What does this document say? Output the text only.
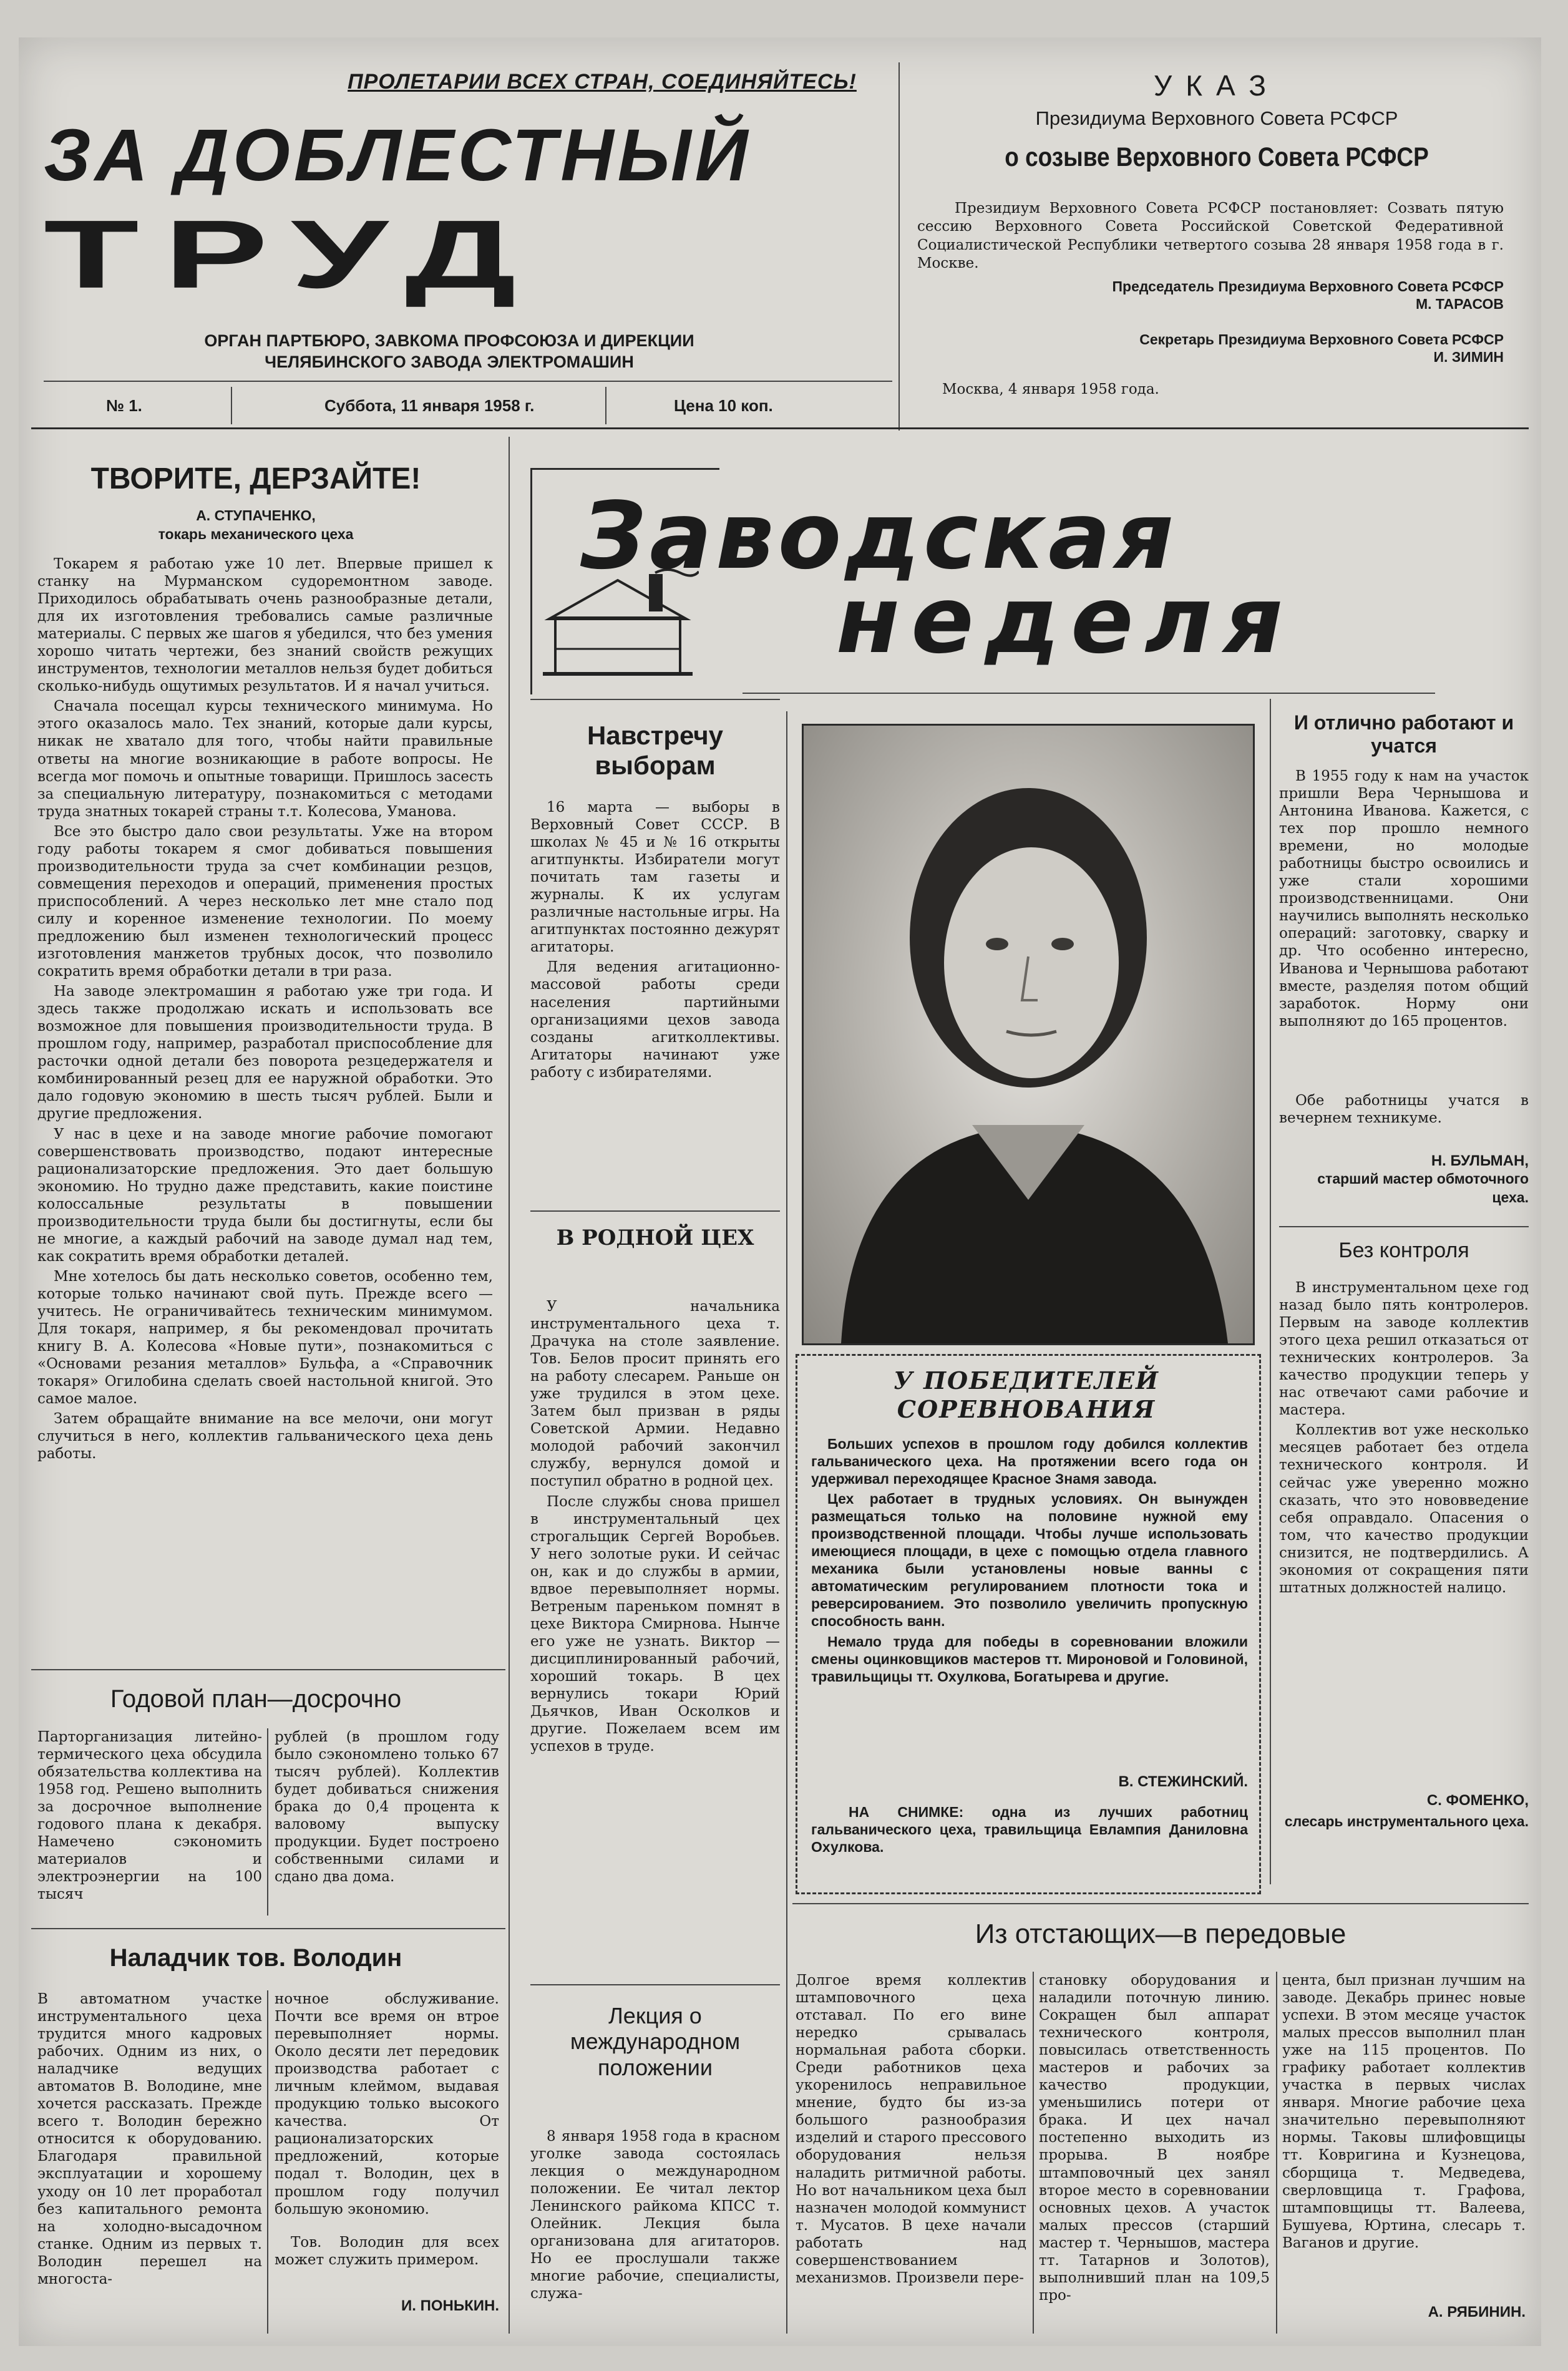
ПРОЛЕТАРИИ ВСЕХ СТРАН, СОЕДИНЯЙТЕСЬ!
ЗА ДОБЛЕСТНЫЙ
ТРУД
ОРГАН ПАРТБЮРО, ЗАВКОМА ПРОФСОЮЗА И ДИРЕКЦИИ ЧЕЛЯБИНСКОГО ЗАВОДА ЭЛЕКТРОМАШИН
№ 1.	Суббота, 11 января 1958 г.	Цена 10 коп.
УКАЗ
Президиума Верховного Совета РСФСР
о созыве Верховного Совета РСФСР
Президиум Верховного Совета РСФСР постановляет: Созвать пятую сессию Верховного Совета Российской Советской Федеративной Социалистической Республики четвертого созыва 28 января 1958 года в г. Москве.
Председатель Президиума Верховного Совета РСФСР
М. ТАРАСОВ
Секретарь Президиума Верховного Совета РСФСР
И. ЗИМИН
Москва, 4 января 1958 года.
ТВОРИТЕ, ДЕРЗАЙТЕ!
А. СТУПАЧЕНКО,
токарь механического цеха

Токарем я работаю уже 10 лет. Впервые пришел к станку на Мурманском судоремонтном заводе. Приходилось обрабатывать очень разнообразные детали, для их изготовления требовались самые различные материалы. С первых же шагов я убедился, что без умения хорошо читать чертежи, без знаний свойств режущих инструментов, технологии металлов нельзя будет добиться сколько-нибудь ощутимых результатов. И я начал учиться.

Сначала посещал курсы технического минимума. Но этого оказалось мало. Тех знаний, которые дали курсы, никак не хватало для того, чтобы найти правильные ответы на многие возникающие в работе вопросы. Не всегда мог помочь и опытные товарищи. Пришлось засесть за специальную литературу, познакомиться с методами труда знатных токарей страны т.т. Колесова, Уманова.

Все это быстро дало свои результаты. Уже на втором году работы токарем я смог добиваться повышения производительности труда за счет комбинации резцов, совмещения переходов и операций, применения простых приспособлений. А через несколько лет мне стало под силу и коренное изменение технологии. По моему предложению был изменен технологический процесс изготовления манжетов трубных досок, что позволило сократить время обработки детали в три раза.

На заводе электромашин я работаю уже три года. И здесь также продолжаю искать и использовать все возможное для повышения производительности труда. В прошлом году, например, разработал приспособление для расточки одной детали без поворота резцедержателя и комбинированный резец для ее наружной обработки. Это дало годовую экономию в шесть тысяч рублей. Были и другие предложения.

У нас в цехе и на заводе многие рабочие помогают совершенствовать производство, подают интересные рационализаторские предложения. Это дает большую экономию. Но трудно даже представить, какие поистине колоссальные результаты в повышении производительности труда были бы достигнуты, если бы не многие, а каждый рабочий на заводе думал над тем, как сократить время обработки деталей.

Мне хотелось бы дать несколько советов, особенно тем, которые только начинают свой путь. Прежде всего — учитесь. Не ограничивайтесь техническим минимумом. Для токаря, например, я бы рекомендовал прочитать книгу В. А. Колесова «Новые пути», познакомиться с «Основами резания металлов» Бульфа, а «Справочник токаря» Огилобина сделать своей настольной книгой. Это самое малое.

Затем обращайте внимание на все мелочи, они могут случиться в него, коллектив гальванического цеха день работы.

Годовой план—досрочно
Парторганизация литейно-термического цеха обсудила обязательства коллектива на 1958 год. Решено выполнить за досрочное выполнение годового плана к декабря. Намечено сэкономить материалов и электроэнергии на 100 тысяч
рублей (в прошлом году было сэкономлено только 67 тысяч рублей). Коллектив будет добиваться снижения брака до 0,4 процента к валовому выпуску продукции. Будет построено собственными силами и сдано два дома.
Наладчик тов. Володин
В автоматном участке инструментального цеха трудится много кадровых рабочих. Одним из них, о наладчике ведущих автоматов В. Володине, мне хочется рассказать. Прежде всего т. Володин бережно относится к оборудованию. Благодаря правильной эксплуатации и хорошему уходу он 10 лет проработал без капитального ремонта на холодно-высадочном станке. Одним из первых т. Володин перешел на многоста-
ночное обслуживание. Почти все время он втрое перевыполняет нормы. Около десяти лет передовик производства работает с личным клеймом, выдавая продукцию только высокого качества. От рационализаторских предложений, которые подал т. Володин, цех в прошлом году получил большую экономию.
Тов. Володин для всех может служить примером.
И. ПОНЬКИН.
Заводская
неделя
Навстречу выборам

16 марта — выборы в Верховный Совет СССР. В школах № 45 и № 16 открыты агитпункты. Избиратели могут почитать там газеты и журналы. К их услугам различные настольные игры. На агитпунктах постоянно дежурят агитаторы.

Для ведения агитационно-массовой работы среди населения партийными организациями цехов завода созданы агитколлективы. Агитаторы начинают уже работу с избирателями.

В РОДНОЙ ЦЕХ

У начальника инструментального цеха т. Драчука на столе заявление. Тов. Белов просит принять его на работу слесарем. Раньше он уже трудился в этом цехе. Затем был призван в ряды Советской Армии. Недавно молодой рабочий закончил службу, вернулся домой и поступил обратно в родной цех.

После службы снова пришел в инструментальный цех строгальщик Сергей Воробьев. У него золотые руки. И сейчас он, как и до службы в армии, вдвое перевыполняет нормы. Ветреным пареньком помнят в цехе Виктора Смирнова. Нынче его уже не узнать. Виктор — дисциплинированный рабочий, хороший токарь. В цех вернулись токари Юрий Дьячков, Иван Осколков и другие. Пожелаем всем им успехов в труде.

Лекция о международном положении
8 января 1958 года в красном уголке завода состоялась лекция о международном положении. Ее читал лектор Ленинского райкома КПСС т. Олейник. Лекция была организована для агитаторов. Но ее прослушали также многие рабочие, специалисты, служа-
У ПОБЕДИТЕЛЕЙ СОРЕВНОВАНИЯ

Больших успехов в прошлом году добился коллектив гальванического цеха. На протяжении всего года он удерживал переходящее Красное Знамя завода.

Цех работает в трудных условиях. Он вынужден размещаться только на половине нужной ему производственной площади. Чтобы лучше использовать имеющиеся площади, в цехе с помощью отдела главного механика были установлены новые ванны с автоматическим регулированием плотности тока и реверсированием. Это позволило увеличить пропускную способность ванн.

Немало труда для победы в соревновании вложили смены оцинковщиков мастеров тт. Мироновой и Головиной, травильщицы тт. Охулкова, Богатырева и другие.

В. СТЕЖИНСКИЙ.
НА СНИМКЕ: одна из лучших работниц гальванического цеха, травильщица Евлампия Даниловна Охулкова.
И отлично работают и учатся
В 1955 году к нам на участок пришли Вера Чернышова и Антонина Иванова. Кажется, с тех пор прошло немного времени, но молодые работницы быстро освоились и уже стали хорошими производственницами. Они научились выполнять несколько операций: заготовку, сварку и др. Что особенно интересно, Иванова и Чернышова работают вместе, разделяя потом общий заработок. Норму они выполняют до 165 процентов.
Обе работницы учатся в вечернем техникуме.
Н. БУЛЬМАН,
старший мастер обмоточного цеха.
Без контроля

В инструментальном цехе год назад было пять контролеров. Первым на заводе коллектив этого цеха решил отказаться от технических контролеров. За качество продукции теперь у нас отвечают сами рабочие и мастера.

Коллектив вот уже несколько месяцев работает без отдела технического контроля. И сейчас уже уверенно можно сказать, что это нововведение себя оправдало. Опасения о том, что качество продукции снизится, не подтвердились. А экономия от сокращения пяти штатных должностей налицо.

С. ФОМЕНКО,
слесарь инструментального цеха.
Из отстающих—в передовые
Долгое время коллектив штамповочного цеха отставал. По его вине нередко срывалась нормальная работа сборки. Среди работников цеха укоренилось неправильное мнение, будто бы из-за большого разнообразия изделий и старого прессового оборудования нельзя наладить ритмичной работы. Но вот начальником цеха был назначен молодой коммунист т. Мусатов. В цехе начали работать над совершенствованием механизмов. Произвели пере-
становку оборудования и наладили поточную линию. Сокращен был аппарат технического контроля, повысилась ответственность мастеров и рабочих за качество продукции, уменьшились потери от брака. И цех начал постепенно выходить из прорыва. В ноябре штамповочный цех занял второе место в соревновании основных цехов. А участок малых прессов (старший мастер т. Чернышов, мастера тт. Татарнов и Золотов), выполнивший план на 109,5 про-
цента, был признан лучшим на заводе. Декабрь принес новые успехи. В этом месяце участок малых прессов выполнил план уже на 115 процентов. По графику работает коллектив участка в первых числах января. Многие рабочие цеха значительно перевыполняют нормы. Таковы шлифовщицы тт. Ковригина и Кузнецова, сборщица т. Медведева, сверловщица т. Графова, штамповщицы тт. Валеева, Бушуева, Юртина, слесарь т. Ваганов и другие.
А. РЯБИНИН.
